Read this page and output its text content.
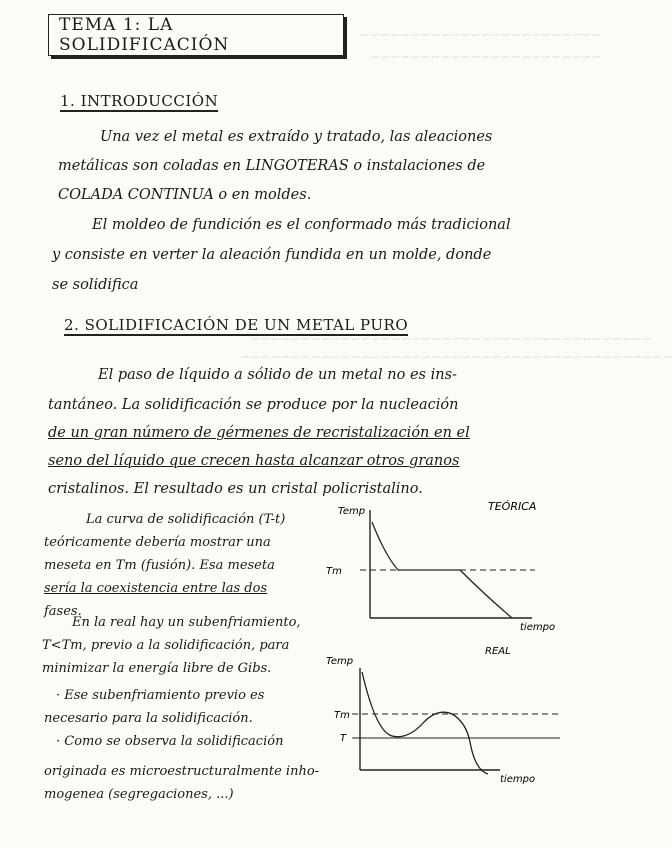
~~~~~~~~~~~~~~~~~~~~~~~~
~~~~~~~~~~~~~~~~~~~~~~~
~~~~~~~~~~~~~~~~~~~~~~~~~~~~~~~~~~~~~~~~
~~~~~~~~~~~~~~~~~~~~~~~~~~~~~~~~~~~~~~~~~~~
TEMA 1: LA SOLIDIFICACIÓN
1. INTRODUCCIÓN
Una vez el metal es extraído y tratado, las aleaciones
metálicas son coladas en LINGOTERAS o instalaciones de
COLADA CONTINUA o en moldes.
El moldeo de fundición es el conformado más tradicional
y consiste en verter la aleación fundida en un molde, donde
se solidifica
2. SOLIDIFICACIÓN DE UN METAL PURO
El paso de líquido a sólido de un metal no es ins-
tantáneo. La solidificación se produce por la nucleación
de un gran número de gérmenes de recristalización en el
seno del líquido que crecen hasta alcanzar otros granos
cristalinos. El resultado es un cristal policristalino.
La curva de solidificación (T-t)
teóricamente debería mostrar una
meseta en Tm (fusión). Esa meseta
sería la coexistencia entre las dos
fases.
En la real hay un subenfriamiento,
T<Tm, previo a la solidificación, para
minimizar la energía libre de Gibs.
· Ese subenfriamiento previo es
necesario para la solidificación.
· Como se observa la solidificación
originada es microestructuralmente inho-
mogenea (segregaciones, ...)
Temp	TEÓRICA
Tm
tiempo
REAL
Temp
Tm
T
tiempo
